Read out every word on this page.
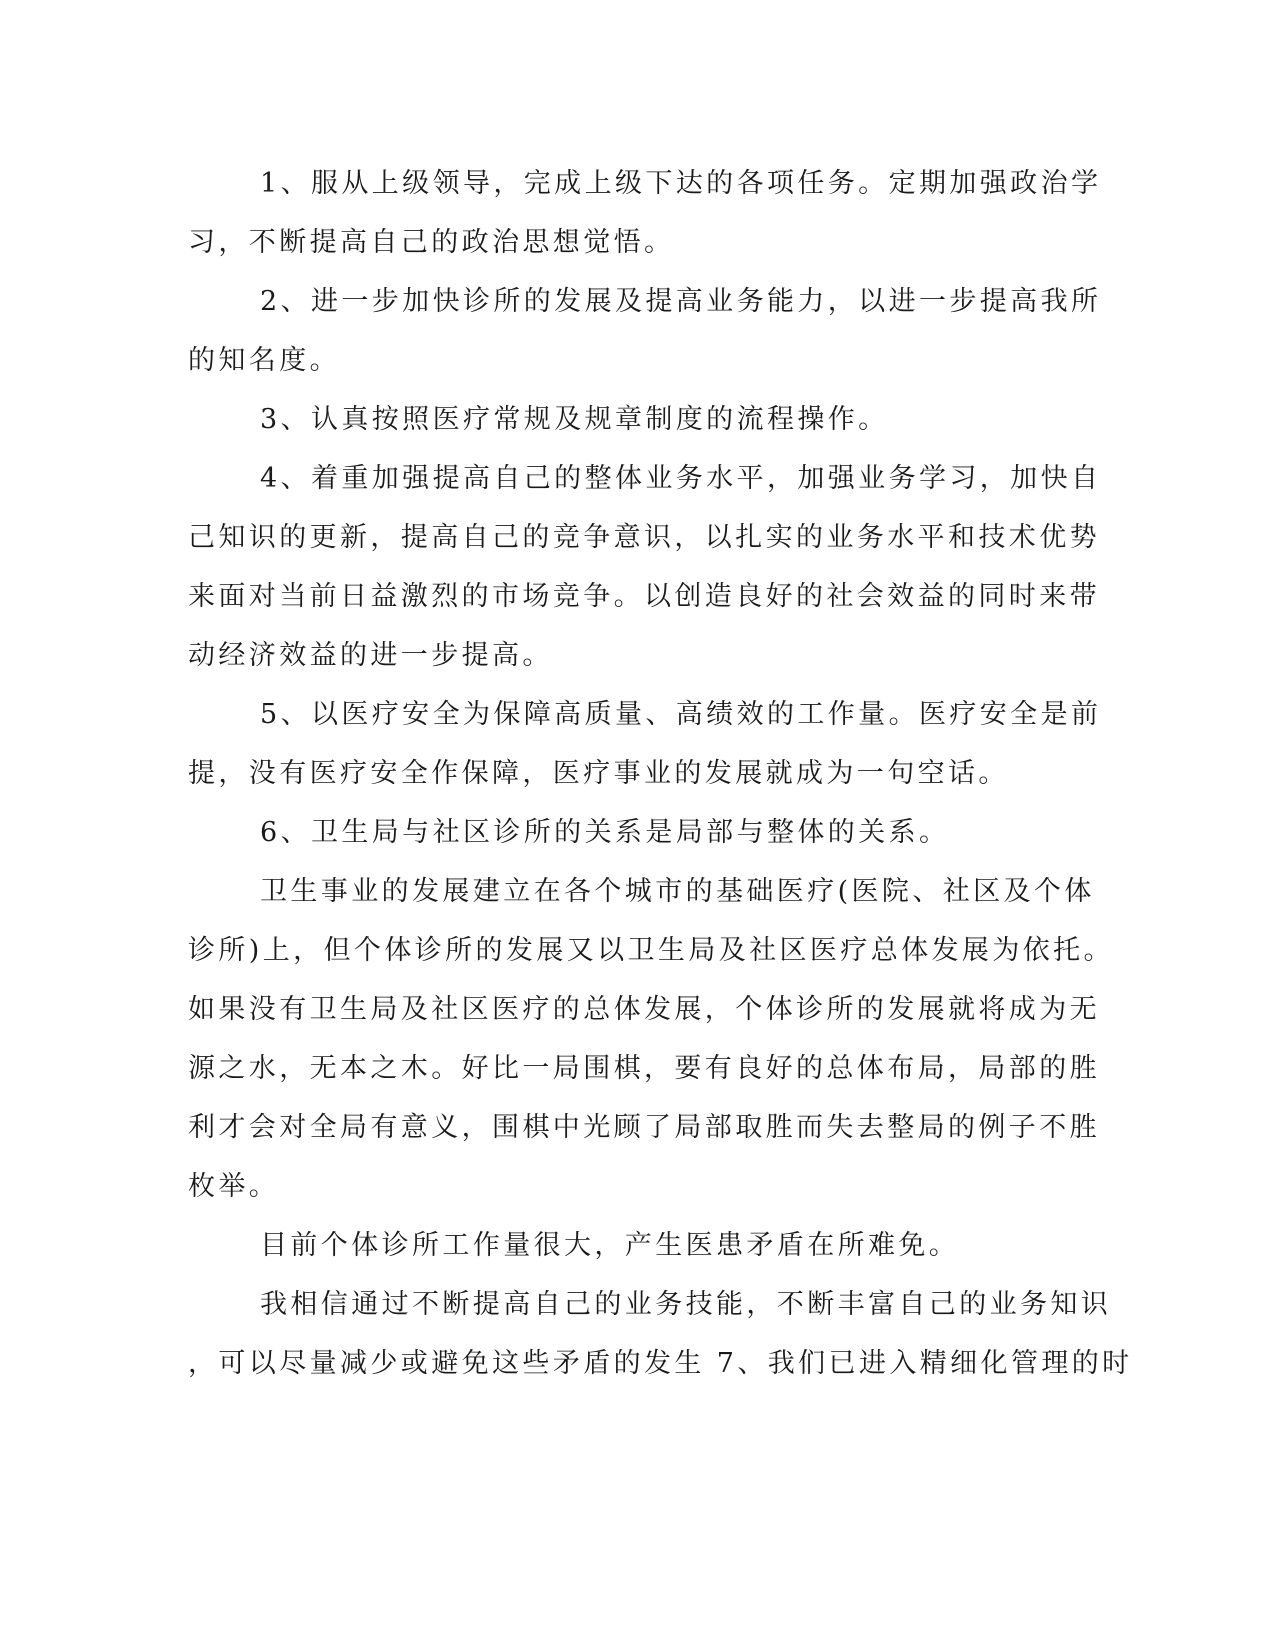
1、服从上级领导，完成上级下达的各项任务。定期加强政治学

习，不断提高自己的政治思想觉悟。

2、进一步加快诊所的发展及提高业务能力，以进一步提高我所

的知名度。

3、认真按照医疗常规及规章制度的流程操作。

4、着重加强提高自己的整体业务水平，加强业务学习，加快自

己知识的更新，提高自己的竞争意识，以扎实的业务水平和技术优势

来面对当前日益激烈的市场竞争。以创造良好的社会效益的同时来带

动经济效益的进一步提高。

5、以医疗安全为保障高质量、高绩效的工作量。医疗安全是前

提，没有医疗安全作保障，医疗事业的发展就成为一句空话。

6、卫生局与社区诊所的关系是局部与整体的关系。

卫生事业的发展建立在各个城市的基础医疗(医院、社区及个体

诊所)上，但个体诊所的发展又以卫生局及社区医疗总体发展为依托。

如果没有卫生局及社区医疗的总体发展，个体诊所的发展就将成为无

源之水，无本之木。好比一局围棋，要有良好的总体布局，局部的胜

利才会对全局有意义，围棋中光顾了局部取胜而失去整局的例子不胜

枚举。

目前个体诊所工作量很大，产生医患矛盾在所难免。

我相信通过不断提高自己的业务技能，不断丰富自己的业务知识

，可以尽量减少或避免这些矛盾的发生 7、我们已进入精细化管理的时
